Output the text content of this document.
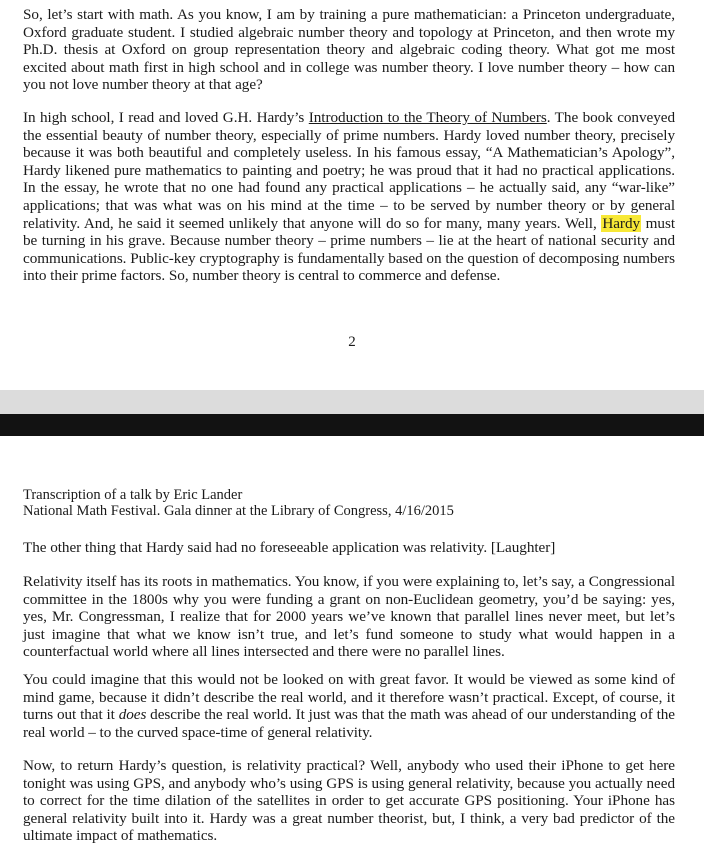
So, let’s start with math. As you know, I am by training a pure mathematician: a Princeton undergraduate, Oxford graduate student. I studied algebraic number theory and topology at Princeton, and then wrote my Ph.D. thesis at Oxford on group representation theory and algebraic coding theory. What got me most excited about math first in high school and in college was number theory. I love number theory – how can you not love number theory at that age?

In high school, I read and loved G.H. Hardy’s Introduction to the Theory of Numbers. The book conveyed the essential beauty of number theory, especially of prime numbers. Hardy loved number theory, precisely because it was both beautiful and completely useless. In his famous essay, “A Mathematician’s Apology”, Hardy likened pure mathematics to painting and poetry; he was proud that it had no practical applications. In the essay, he wrote that no one had found any practical applications – he actually said, any “war-like” applications; that was what was on his mind at the time – to be served by number theory or by general relativity. And, he said it seemed unlikely that anyone will do so for many, many years. Well, Hardy must be turning in his grave. Because number theory – prime numbers – lie at the heart of national security and communications. Public-key cryptography is fundamentally based on the question of decomposing numbers into their prime factors. So, number theory is central to commerce and defense.

2

Transcription of a talk by Eric Lander

National Math Festival. Gala dinner at the Library of Congress, 4/16/2015

The other thing that Hardy said had no foreseeable application was relativity. [Laughter]

Relativity itself has its roots in mathematics. You know, if you were explaining to, let’s say, a Congressional committee in the 1800s why you were funding a grant on non-Euclidean geometry, you’d be saying: yes, yes, Mr. Congressman, I realize that for 2000 years we’ve known that parallel lines never meet, but let’s just imagine that what we know isn’t true, and let’s fund someone to study what would happen in a counterfactual world where all lines intersected and there were no parallel lines.

You could imagine that this would not be looked on with great favor. It would be viewed as some kind of mind game, because it didn’t describe the real world, and it therefore wasn’t practical. Except, of course, it turns out that it does describe the real world. It just was that the math was ahead of our understanding of the real world – to the curved space-time of general relativity.

Now, to return Hardy’s question, is relativity practical? Well, anybody who used their iPhone to get here tonight was using GPS, and anybody who’s using GPS is using general relativity, because you actually need to correct for the time dilation of the satellites in order to get accurate GPS positioning. Your iPhone has general relativity built into it. Hardy was a great number theorist, but, I think, a very bad predictor of the ultimate impact of mathematics.
